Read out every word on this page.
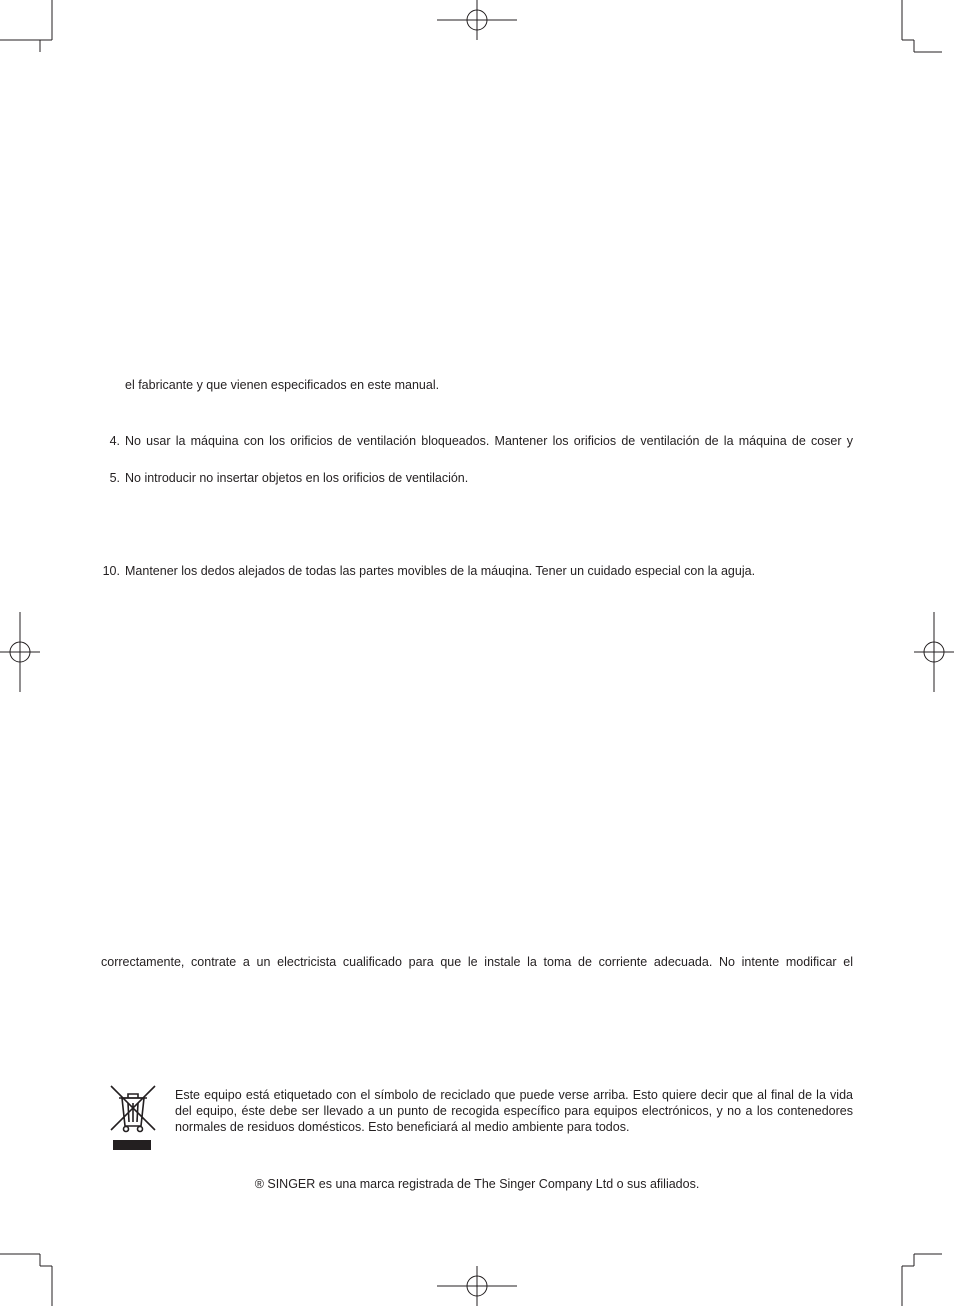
el fabricante y que vienen especificados en este manual.
4. No usar la máquina con los orificios de ventilación bloqueados. Mantener los orificios de ventilación de la máquina de coser y
5. No introducir no insertar objetos en los orificios de ventilación.
10. Mantener los dedos alejados de todas las partes movibles de la máuqina. Tener un cuidado especial con la aguja.
correctamente, contrate a un electricista cualificado para que le instale la toma de corriente adecuada. No intente modificar el
Este equipo está etiquetado con el símbolo de reciclado que puede verse arriba. Esto quiere decir que al final de la vida del equipo, éste debe ser llevado a un punto de recogida específico para equipos electrónicos, y no a los contenedores normales de residuos domésticos. Esto beneficiará al medio ambiente para todos.
® SINGER es una marca registrada de The Singer Company Ltd o sus afiliados.
